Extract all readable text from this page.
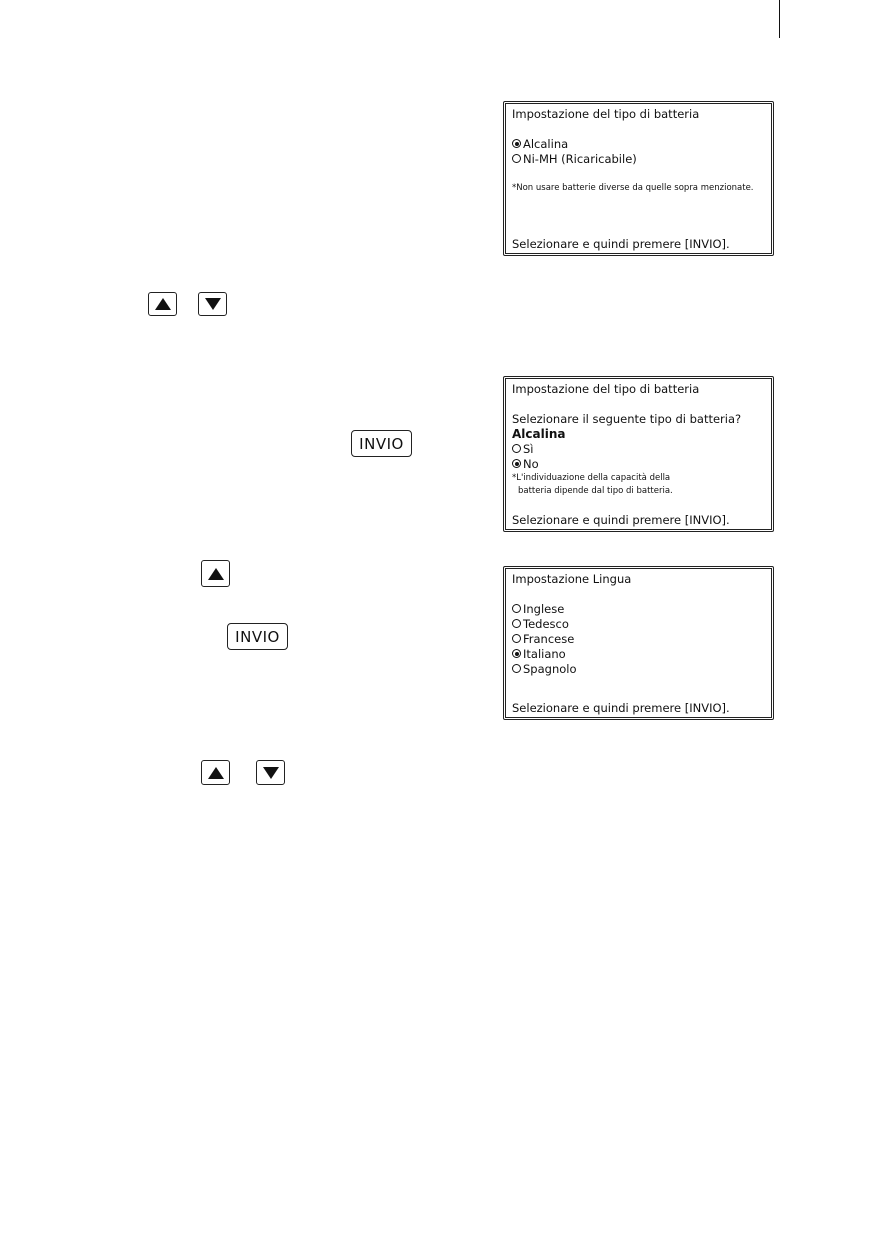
Impostazione del tipo di batteria
Alcalina
Ni-MH (Ricaricabile)
*Non usare batterie diverse da quelle sopra menzionate.
Selezionare e quindi premere [INVIO].
Impostazione del tipo di batteria
Selezionare il seguente tipo di batteria?
Alcalina
Sì
No
*L'individuazione della capacità della
batteria dipende dal tipo di batteria.
Selezionare e quindi premere [INVIO].
INVIO
INVIO
Impostazione Lingua
Inglese
Tedesco
Francese
Italiano
Spagnolo
Selezionare e quindi premere [INVIO].
